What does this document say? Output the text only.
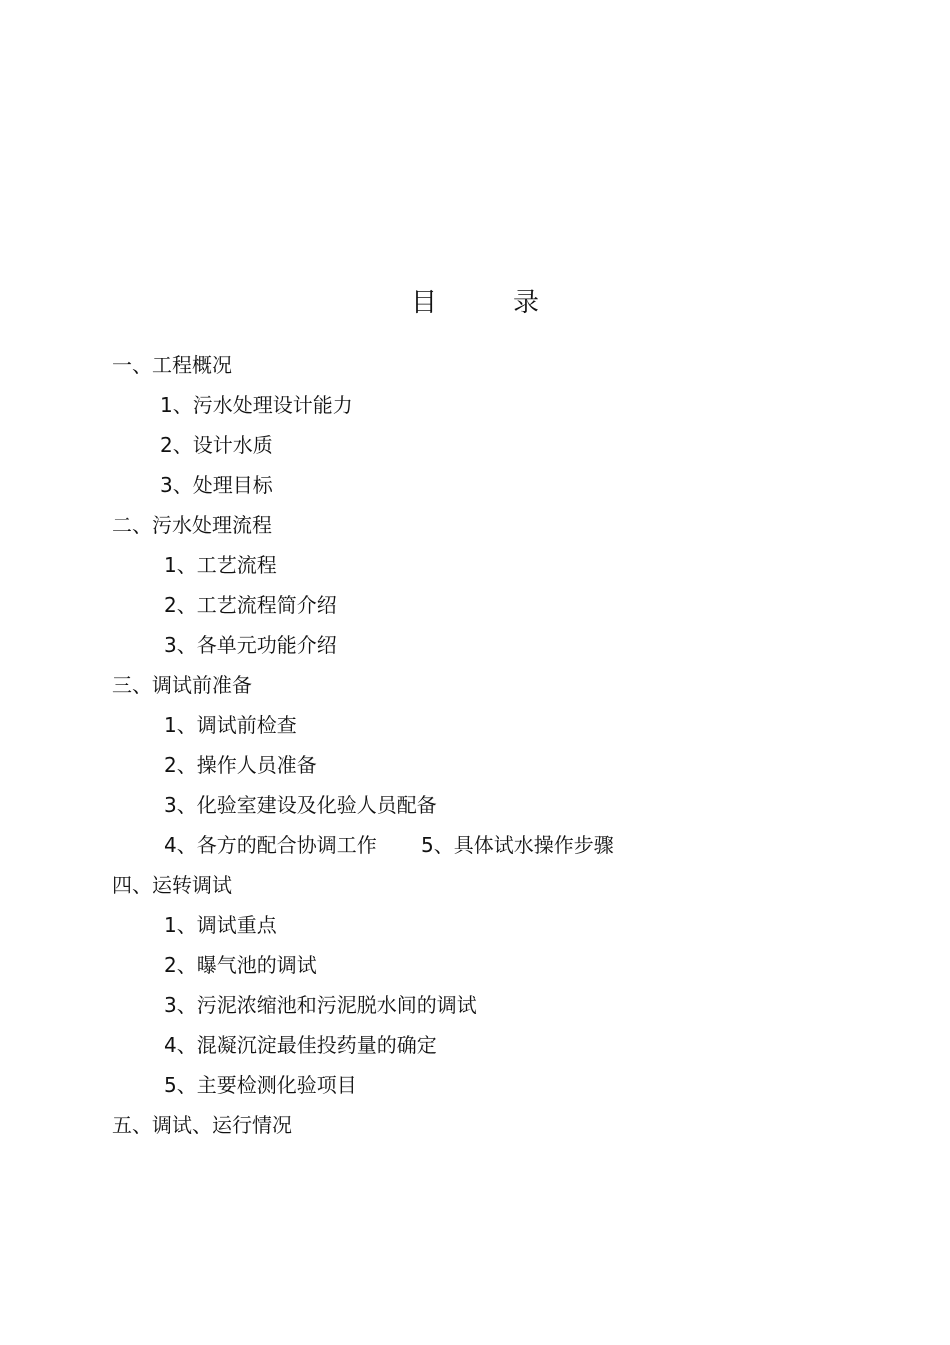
目	录
一、工程概况
1、污水处理设计能力
2、设计水质
3、处理目标
二、污水处理流程
1、工艺流程
2、工艺流程简介绍
3、各单元功能介绍
三、调试前准备
1、调试前检查
2、操作人员准备
3、化验室建设及化验人员配备
4、各方的配合协调工作 5、具体试水操作步骤
四、运转调试
1、调试重点
2、曝气池的调试
3、污泥浓缩池和污泥脱水间的调试
4、混凝沉淀最佳投药量的确定
5、主要检测化验项目
五、调试、运行情况
